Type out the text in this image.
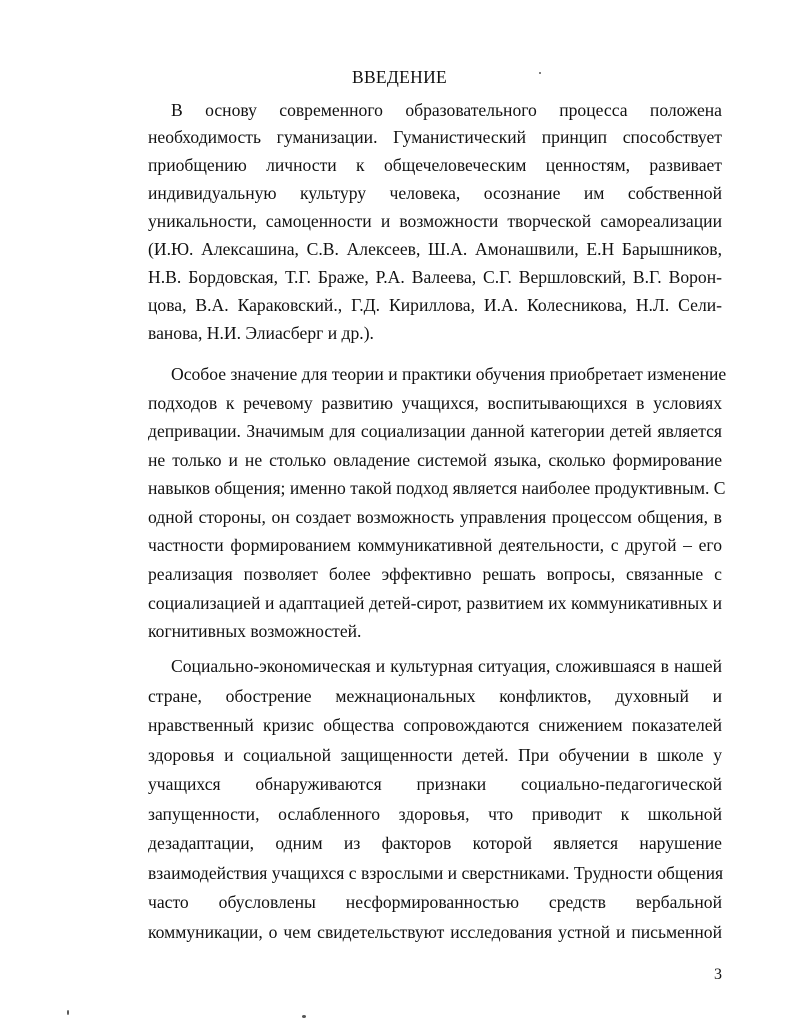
ВВЕДЕНИЕ
В основу современного образовательного процесса положена
необходимость гуманизации. Гуманистический принцип способствует
приобщению личности к общечеловеческим ценностям, развивает
индивидуальную культуру человека, осознание им собственной
уникальности, самоценности и возможности творческой самореализации
(И.Ю. Алексашина, С.В. Алексеев, Ш.А. Амонашвили, Е.Н Барышников,
Н.В. Бордовская, Т.Г. Браже, Р.А. Валеева, С.Г. Вершловский, В.Г. Ворон-
цова, В.А. Караковский., Г.Д. Кириллова, И.А. Колесникова, Н.Л. Сели-
ванова, Н.И. Элиасберг и др.).
Особое значение для теории и практики обучения приобретает изменение
подходов к речевому развитию учащихся, воспитывающихся в условиях
депривации. Значимым для социализации данной категории детей является
не только и не столько овладение системой языка, сколько формирование
навыков общения; именно такой подход является наиболее продуктивным. С
одной стороны, он создает возможность управления процессом общения, в
частности формированием коммуникативной деятельности, с другой – его
реализация позволяет более эффективно решать вопросы, связанные с
социализацией и адаптацией детей-сирот, развитием их коммуникативных и
когнитивных возможностей.
Социально-экономическая и культурная ситуация, сложившаяся в нашей
стране, обострение межнациональных конфликтов, духовный и
нравственный кризис общества сопровождаются снижением показателей
здоровья и социальной защищенности детей. При обучении в школе у
учащихся обнаруживаются признаки социально-педагогической
запущенности, ослабленного здоровья, что приводит к школьной
дезадаптации, одним из факторов которой является нарушение
взаимодействия учащихся с взрослыми и сверстниками. Трудности общения
часто обусловлены несформированностью средств вербальной
коммуникации, о чем свидетельствуют исследования устной и письменной
3
